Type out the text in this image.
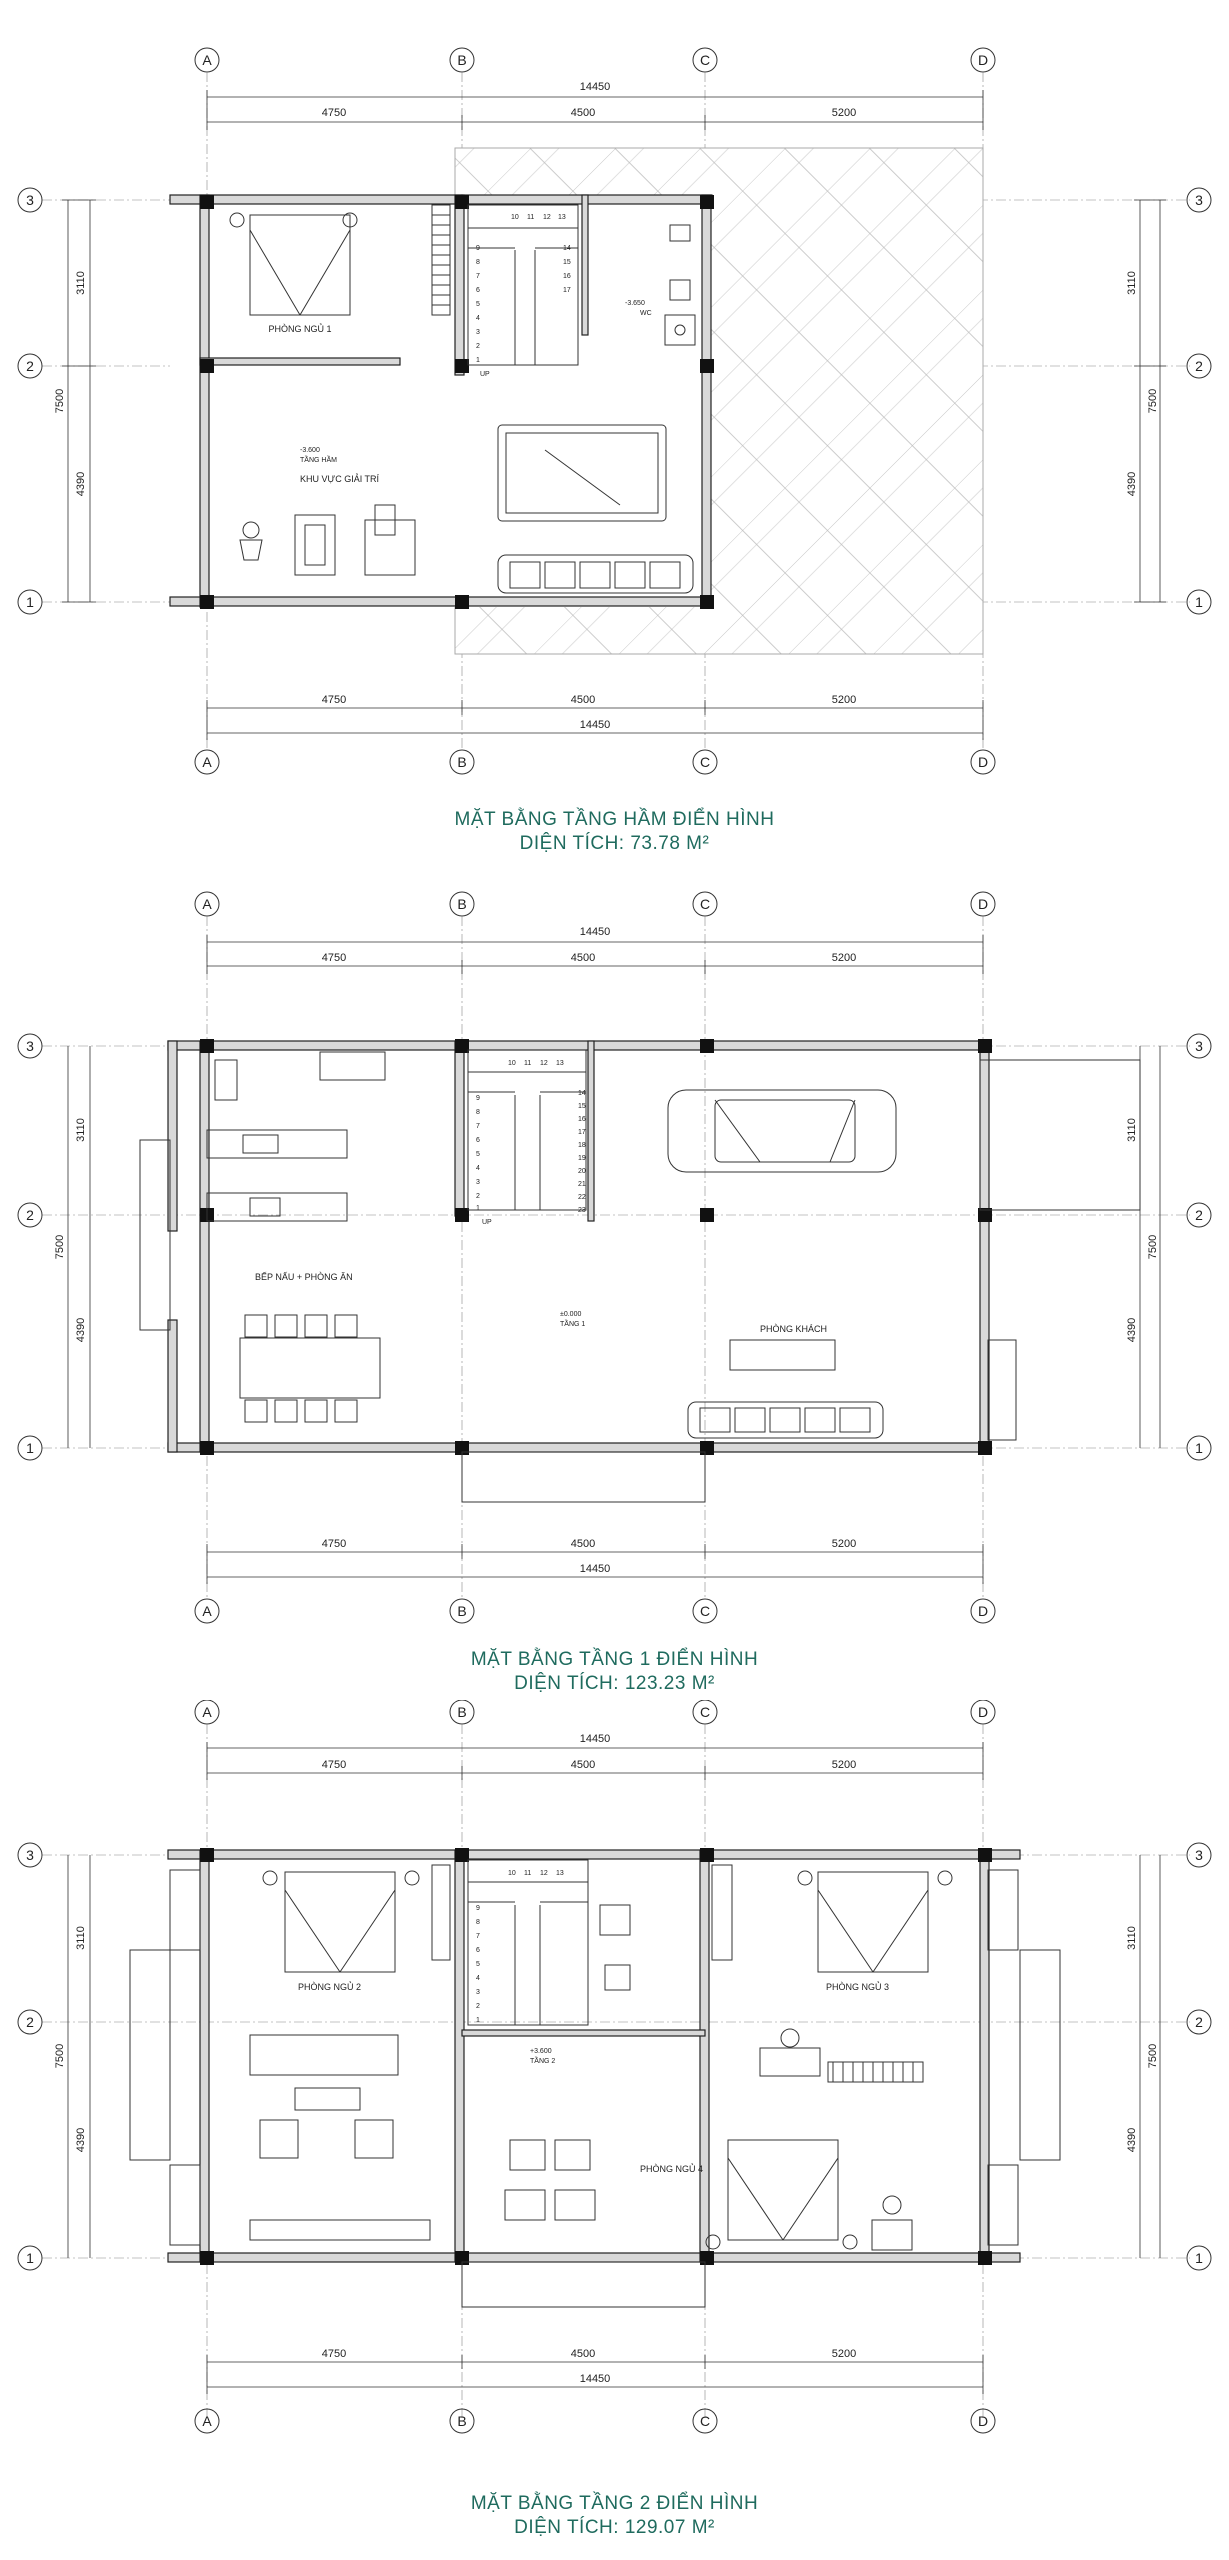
A	B	C	D
14450
4750	4500	5200
4750	4500	5200
14450
A	B	C	D
3
2
1
3
2
1
3110
4390
7500
3110
4390
7500
PHÒNG NGỦ 1
10 11 12 13
9
8
7
6
5
4
3
2
1
14
15
16
17
UP
-3.650
WC
-3.600
TẦNG HẦM
KHU VỰC GIẢI TRÍ
MẶT BẰNG TẦNG HẦM ĐIỂN HÌNH
DIỆN TÍCH: 73.78 M²
A	B	C	D
14450
4750	4500	5200
4750	4500	5200
14450
A	B	C	D
3
2
1
3
2
1
3110
4390
7500
3110
4390
7500
BẾP NẤU + PHÒNG ĂN
10 11 12 13
9
8
7
6
5
4
3
2
1
14
15
16
17
18
19
20
21
22
23
UP
PHÒNG KHÁCH
±0.000
TẦNG 1
MẶT BẰNG TẦNG 1 ĐIỂN HÌNH
DIỆN TÍCH: 123.23 M²
A	B	C	D
14450
4750	4500	5200
4750	4500	5200
14450
A	B	C	D
3
2
1
3
2
1
3110
4390
7500
3110
4390
7500
PHÒNG NGỦ 2
10 11 12 13
9
8
7
6
5
4
3
2
1
+3.600
TẦNG 2
PHÒNG NGỦ 3
PHÒNG NGỦ 4
MẶT BẰNG TẦNG 2 ĐIỂN HÌNH
DIỆN TÍCH: 129.07 M²
